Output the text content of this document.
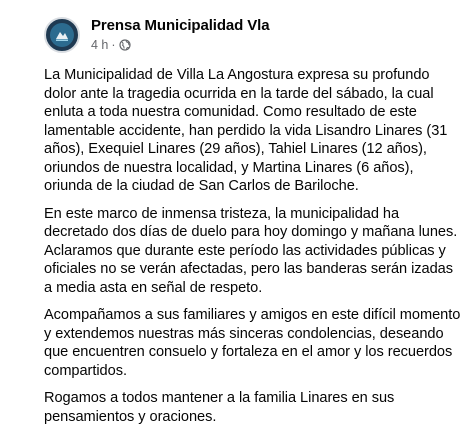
Prensa Municipalidad Vla
4 h ·

La Municipalidad de Villa La Angostura expresa su profundo dolor ante la tragedia ocurrida en la tarde del sábado, la cual enluta a toda nuestra comunidad. Como resultado de este lamentable accidente, han perdido la vida Lisandro Linares (31 años), Exequiel Linares (29 años), Tahiel Linares (12 años), oriundos de nuestra localidad, y Martina Linares (6 años), oriunda de la ciudad de San Carlos de Bariloche.

En este marco de inmensa tristeza, la municipalidad ha decretado dos días de duelo para hoy domingo y mañana lunes. Aclaramos que durante este período las actividades públicas y oficiales no se verán afectadas, pero las banderas serán izadas a media asta en señal de respeto.

Acompañamos a sus familiares y amigos en este difícil momento y extendemos nuestras más sinceras condolencias, deseando que encuentren consuelo y fortaleza en el amor y los recuerdos compartidos.

Rogamos a todos mantener a la familia Linares en sus pensamientos y oraciones.
